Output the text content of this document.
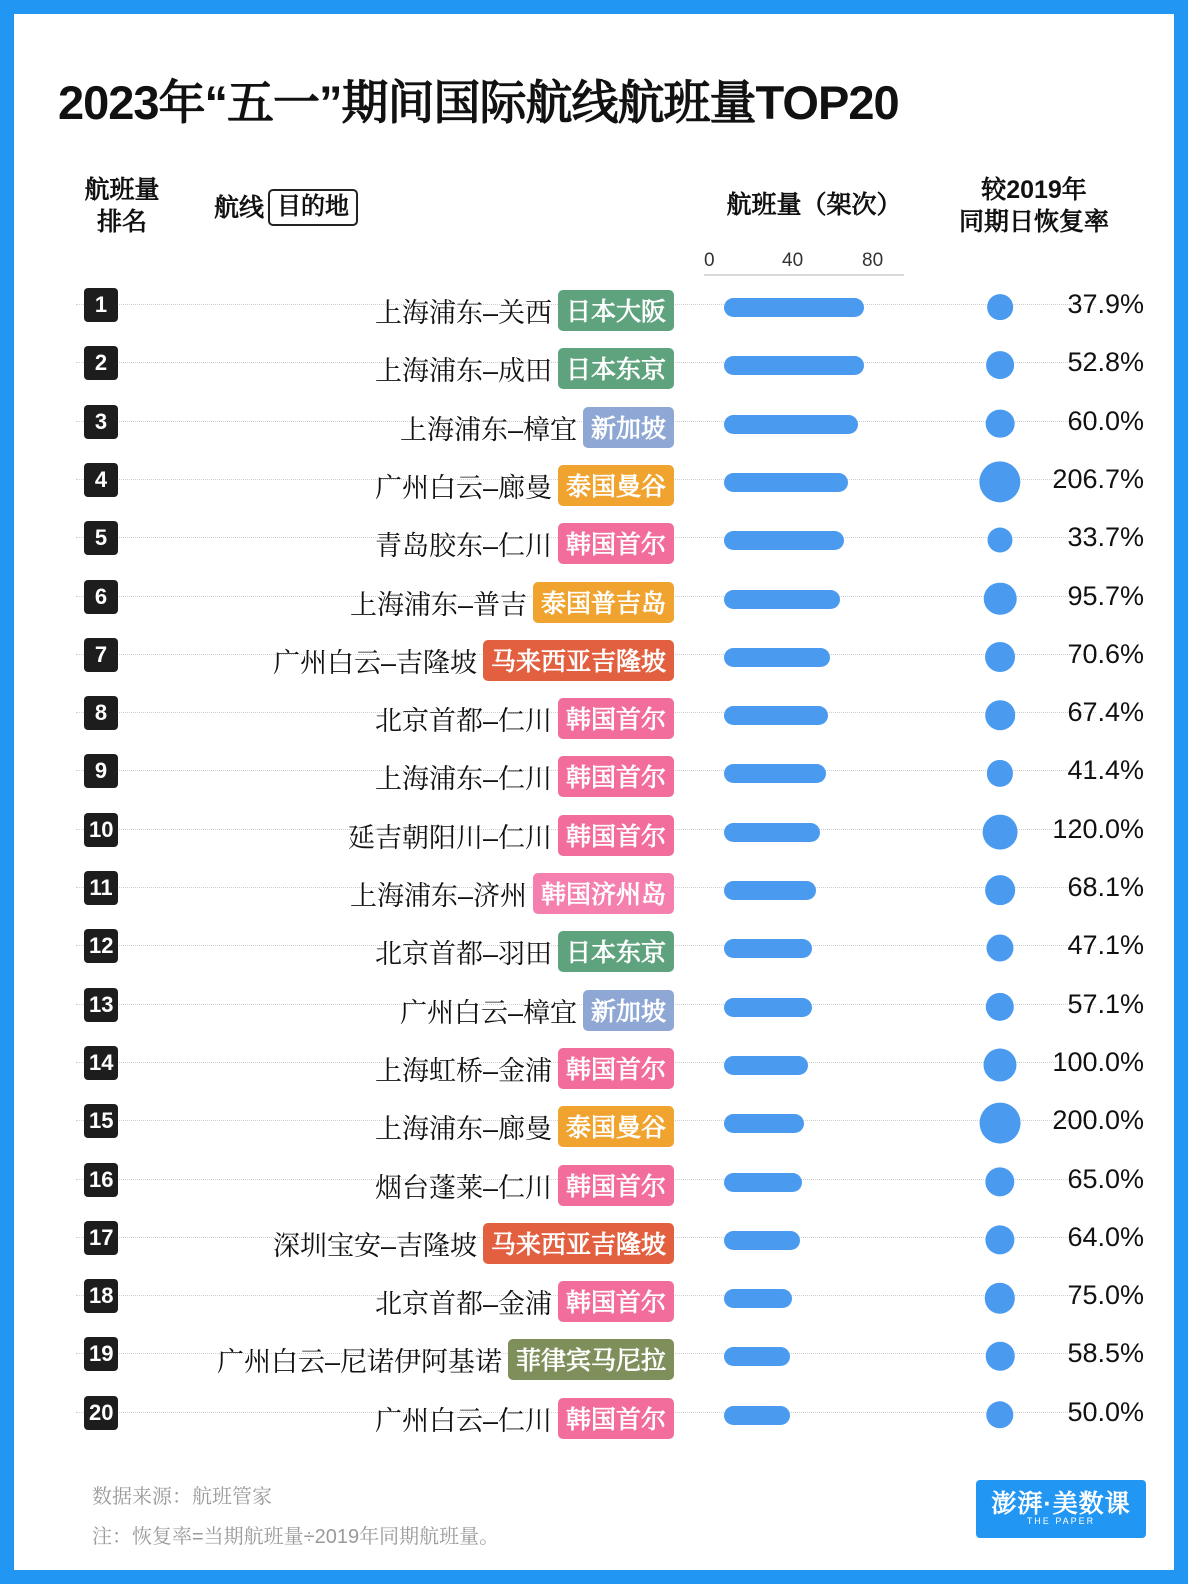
2023年“五一”期间国际航线航班量TOP20
航班量
排名	航线 目的地	航班量（架次）
较2019年
同期日恢复率
0	40	80
1	上海浦东–关西 日本大阪	37.9%
2	上海浦东–成田 日本东京	52.8%
3	上海浦东–樟宜 新加坡	60.0%
4	广州白云–廊曼 泰国曼谷	206.7%
5	青岛胶东–仁川 韩国首尔	33.7%
6	上海浦东–普吉 泰国普吉岛	95.7%
7	广州白云–吉隆坡 马来西亚吉隆坡	70.6%
8	北京首都–仁川 韩国首尔	67.4%
9	上海浦东–仁川 韩国首尔	41.4%
10	延吉朝阳川–仁川 韩国首尔	120.0%
11	上海浦东–济州 韩国济州岛	68.1%
12	北京首都–羽田 日本东京	47.1%
13	广州白云–樟宜 新加坡	57.1%
14	上海虹桥–金浦 韩国首尔	100.0%
15	上海浦东–廊曼 泰国曼谷	200.0%
16	烟台蓬莱–仁川 韩国首尔	65.0%
17	深圳宝安–吉隆坡 马来西亚吉隆坡	64.0%
18	北京首都–金浦 韩国首尔	75.0%
19	广州白云–尼诺伊阿基诺 菲律宾马尼拉	58.5%
20	广州白云–仁川 韩国首尔	50.0%
数据来源：航班管家
注：恢复率=当期航班量÷2019年同期航班量。
澎湃·美数课
THE PAPER
